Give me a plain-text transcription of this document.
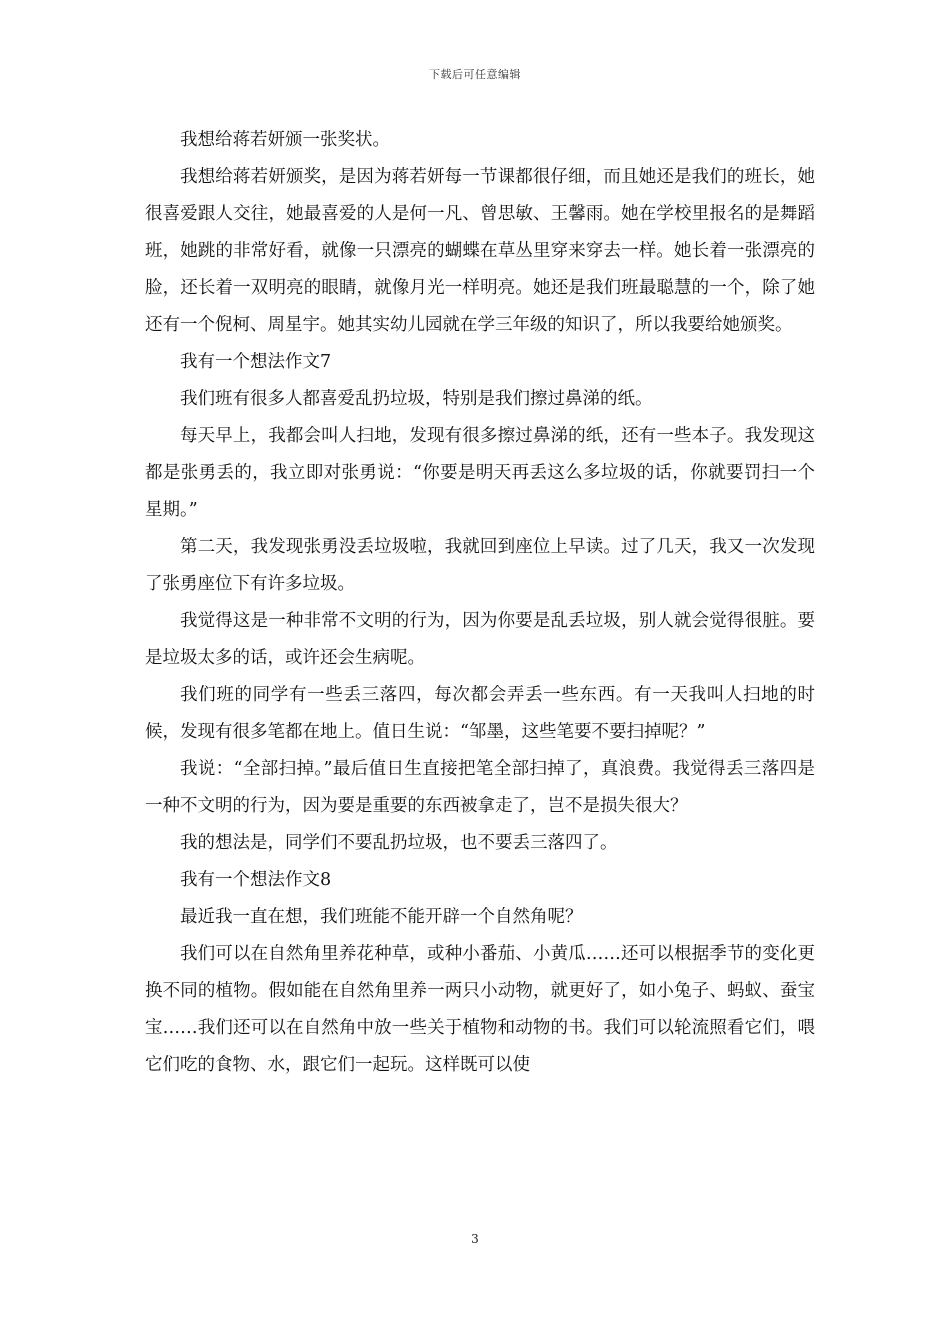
下载后可任意编辑

我想给蒋若妍颁一张奖状。

我想给蒋若妍颁奖，是因为蒋若妍每一节课都很仔细，而且她还是我们的班长，她很喜爱跟人交往，她最喜爱的人是何一凡、曾思敏、王馨雨。她在学校里报名的是舞蹈班，她跳的非常好看，就像一只漂亮的蝴蝶在草丛里穿来穿去一样。她长着一张漂亮的脸，还长着一双明亮的眼睛，就像月光一样明亮。她还是我们班最聪慧的一个，除了她还有一个倪柯、周星宇。她其实幼儿园就在学三年级的知识了，所以我要给她颁奖。

我有一个想法作文7

我们班有很多人都喜爱乱扔垃圾，特别是我们擦过鼻涕的纸。

每天早上，我都会叫人扫地，发现有很多擦过鼻涕的纸，还有一些本子。我发现这都是张勇丢的，我立即对张勇说：“你要是明天再丢这么多垃圾的话，你就要罚扫一个星期。”

第二天，我发现张勇没丢垃圾啦，我就回到座位上早读。过了几天，我又一次发现了张勇座位下有许多垃圾。

我觉得这是一种非常不文明的行为，因为你要是乱丢垃圾，别人就会觉得很脏。要是垃圾太多的话，或许还会生病呢。

我们班的同学有一些丢三落四，每次都会弄丢一些东西。有一天我叫人扫地的时候，发现有很多笔都在地上。值日生说：“邹墨，这些笔要不要扫掉呢？”

我说：“全部扫掉。”最后值日生直接把笔全部扫掉了，真浪费。我觉得丢三落四是一种不文明的行为，因为要是重要的东西被拿走了，岂不是损失很大？

我的想法是，同学们不要乱扔垃圾，也不要丢三落四了。

我有一个想法作文8

最近我一直在想，我们班能不能开辟一个自然角呢？

我们可以在自然角里养花种草，或种小番茄、小黄瓜……还可以根据季节的变化更换不同的植物。假如能在自然角里养一两只小动物，就更好了，如小兔子、蚂蚁、蚕宝宝……我们还可以在自然角中放一些关于植物和动物的书。我们可以轮流照看它们，喂它们吃的食物、水，跟它们一起玩。这样既可以使

3
